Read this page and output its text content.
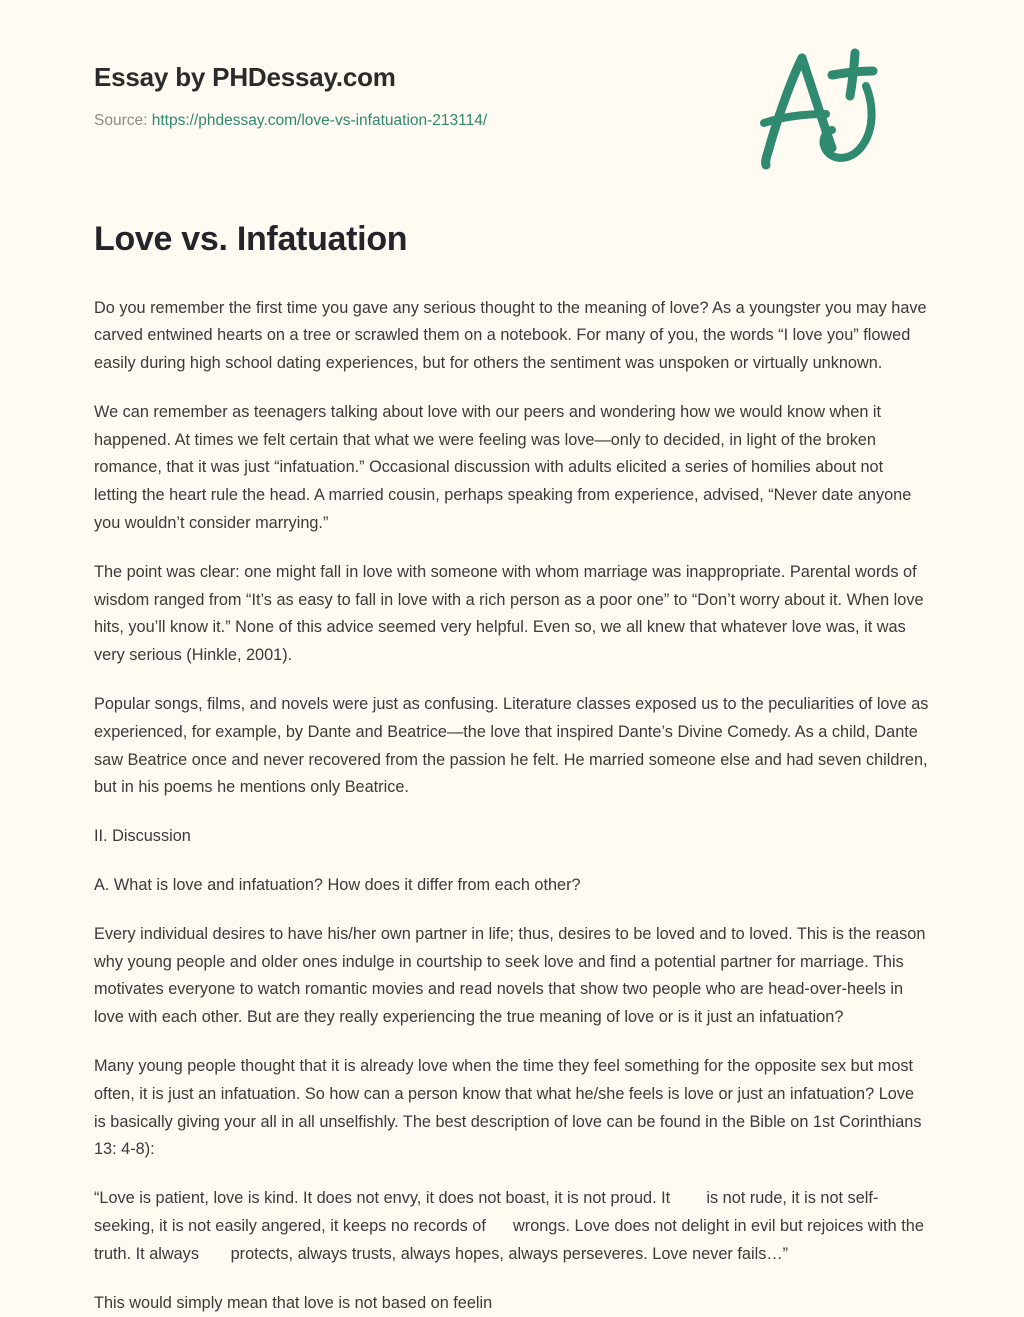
Essay by PHDessay.com
Source: https://phdessay.com/love-vs-infatuation-213114/
Love vs. Infatuation

Do you remember the first time you gave any serious thought to the meaning of love? As a youngster you may have carved entwined hearts on a tree or scrawled them on a notebook. For many of you, the words “I love you” flowed easily during high school dating experiences, but for others the sentiment was unspoken or virtually unknown.

We can remember as teenagers talking about love with our peers and wondering how we would know when it happened. At times we felt certain that what we were feeling was love—only to decided, in light of the broken romance, that it was just “infatuation.” Occasional discussion with adults elicited a series of homilies about not letting the heart rule the head. A married cousin, perhaps speaking from experience, advised, “Never date anyone you wouldn’t consider marrying.”

The point was clear: one might fall in love with someone with whom marriage was inappropriate. Parental words of wisdom ranged from “It’s as easy to fall in love with a rich person as a poor one” to “Don’t worry about it. When love hits, you’ll know it.” None of this advice seemed very helpful. Even so, we all knew that whatever love was, it was very serious (Hinkle, 2001).

Popular songs, films, and novels were just as confusing. Literature classes exposed us to the peculiarities of love as experienced, for example, by Dante and Beatrice—the love that inspired Dante’s Divine Comedy. As a child, Dante saw Beatrice once and never recovered from the passion he felt. He married someone else and had seven children, but in his poems he mentions only Beatrice.

II. Discussion

A. What is love and infatuation? How does it differ from each other?

Every individual desires to have his/her own partner in life; thus, desires to be loved and to loved. This is the reason why young people and older ones indulge in courtship to seek love and find a potential partner for marriage. This motivates everyone to watch romantic movies and read novels that show two people who are head-over-heels in love with each other. But are they really experiencing the true meaning of love or is it just an infatuation?

Many young people thought that it is already love when the time they feel something for the opposite sex but most often, it is just an infatuation. So how can a person know that what he/she feels is love or just an infatuation? Love is basically giving your all in all unselfishly. The best description of love can be found in the Bible on 1st Corinthians 13: 4-8):

“Love is patient, love is kind. It does not envy, it does not boast, it is not proud. It        is not rude, it is not self-seeking, it is not easily angered, it keeps no records of      wrongs. Love does not delight in evil but rejoices with the truth. It always       protects, always trusts, always hopes, always perseveres. Love never fails…”

This would simply mean that love is not based on feelin
